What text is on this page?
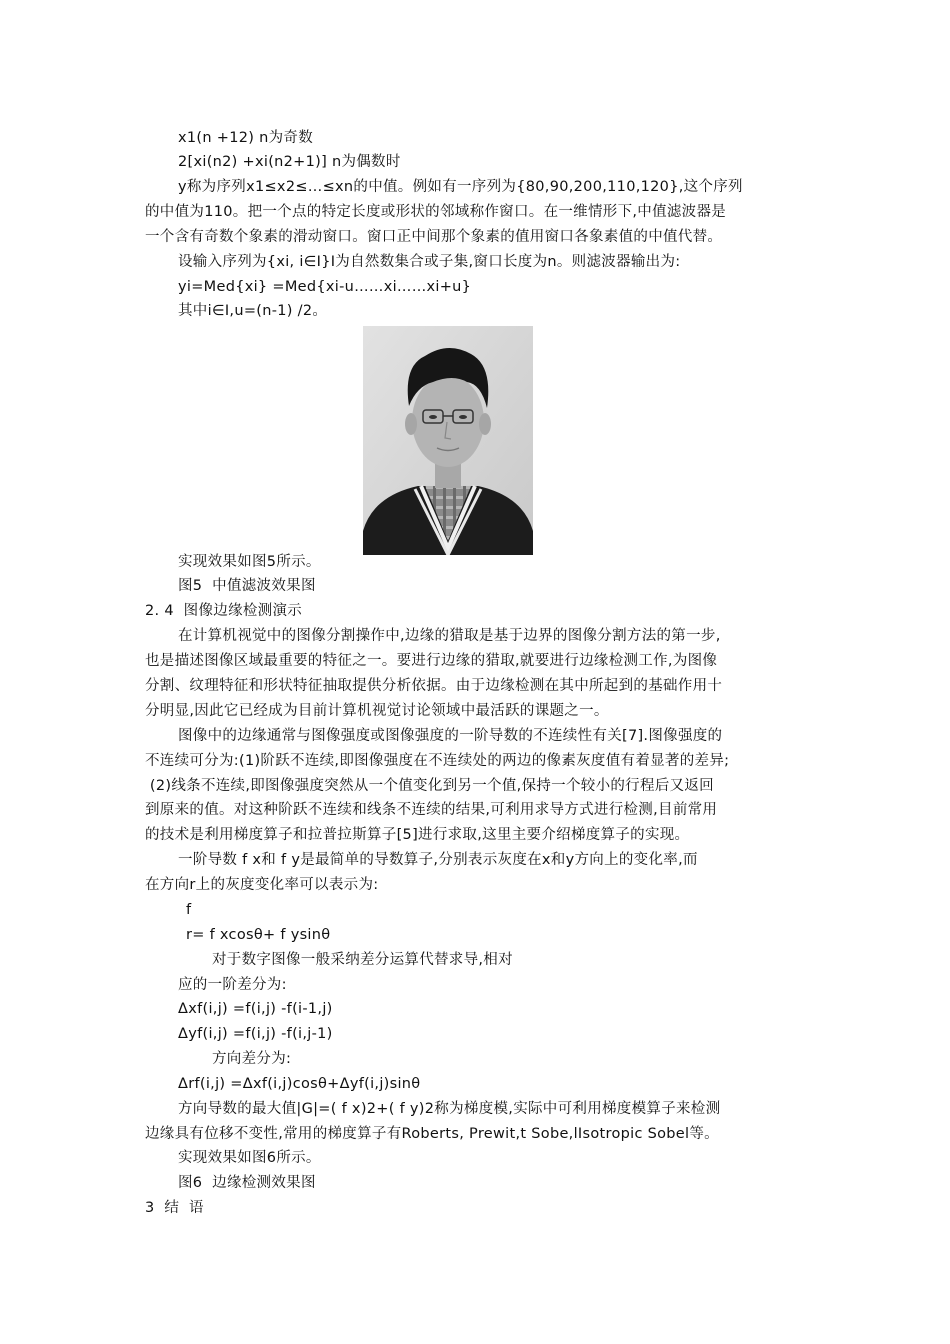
x1(n +12) n为奇数
2[xi(n2) +xi(n2+1)] n为偶数时
y称为序列x1≤x2≤…≤xn的中值。例如有一序列为{80,90,200,110,120},这个序列
的中值为110。把一个点的特定长度或形状的邻域称作窗口。在一维情形下,中值滤波器是
一个含有奇数个象素的滑动窗口。窗口正中间那个象素的值用窗口各象素值的中值代替。
设输入序列为{xi, i∈I}I为自然数集合或子集,窗口长度为n。则滤波器输出为:
yi=Med{xi} =Med{xi-u……xi……xi+u}
其中i∈I,u=(n-1) /2。
实现效果如图5所示。
图5  中值滤波效果图
2. 4  图像边缘检测演示
在计算机视觉中的图像分割操作中,边缘的猎取是基于边界的图像分割方法的第一步,
也是描述图像区域最重要的特征之一。要进行边缘的猎取,就要进行边缘检测工作,为图像
分割、纹理特征和形状特征抽取提供分析依据。由于边缘检测在其中所起到的基础作用十
分明显,因此它已经成为目前计算机视觉讨论领域中最活跃的课题之一。
图像中的边缘通常与图像强度或图像强度的一阶导数的不连续性有关[7].图像强度的
不连续可分为:(1)阶跃不连续,即图像强度在不连续处的两边的像素灰度值有着显著的差异;
(2)线条不连续,即图像强度突然从一个值变化到另一个值,保持一个较小的行程后又返回
到原来的值。对这种阶跃不连续和线条不连续的结果,可利用求导方式进行检测,目前常用
的技术是利用梯度算子和拉普拉斯算子[5]进行求取,这里主要介绍梯度算子的实现。
一阶导数 f x和 f y是最简单的导数算子,分别表示灰度在x和y方向上的变化率,而
在方向r上的灰度变化率可以表示为:
f
r= f xcosθ+ f ysinθ
对于数字图像一般采纳差分运算代替求导,相对
应的一阶差分为:
Δxf(i,j) =f(i,j) -f(i-1,j)
Δyf(i,j) =f(i,j) -f(i,j-1)
方向差分为:
Δrf(i,j) =Δxf(i,j)cosθ+Δyf(i,j)sinθ
方向导数的最大值|G|=( f x)2+( f y)2称为梯度模,实际中可利用梯度模算子来检测
边缘具有位移不变性,常用的梯度算子有Roberts, Prewit,t Sobe,lIsotropic Sobel等。
实现效果如图6所示。
图6  边缘检测效果图
3  结  语
